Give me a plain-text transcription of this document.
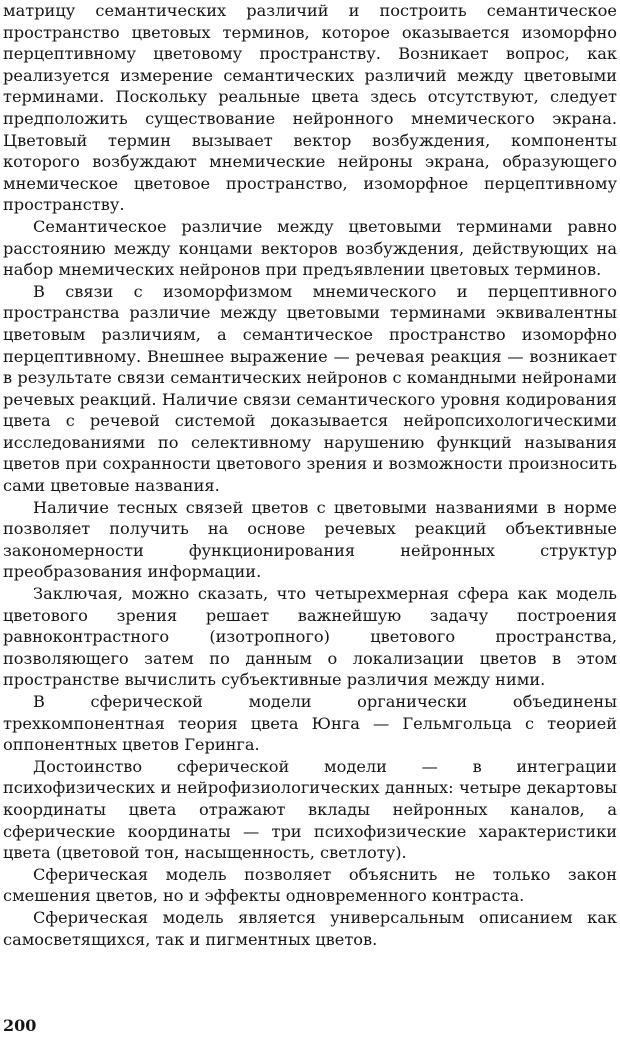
матрицу семантических различий и построить семантическое пространство цветовых терминов, которое оказывается изоморфно перцептивному цветовому пространству. Возникает вопрос, как реализуется измерение семантических различий между цветовыми терминами. Поскольку реальные цвета здесь отсутствуют, следует предположить существование нейронного мнемического экрана. Цветовый термин вызывает вектор возбуждения, компоненты которого возбуждают мнемические нейроны экрана, образующего мнемическое цветовое пространство, изоморфное перцептивному пространству.

Семантическое различие между цветовыми терминами равно расстоянию между концами векторов возбуждения, действующих на набор мнемических нейронов при предъявлении цветовых терминов.

В связи с изоморфизмом мнемического и перцептивного пространства различие между цветовыми терминами эквивалентны цветовым различиям, а семантическое пространство изоморфно перцептивному. Внешнее выражение — речевая реакция — возникает в результате связи семантических нейронов с командными нейронами речевых реакций. Наличие связи семантического уровня кодирования цвета с речевой системой доказывается нейропсихологическими исследованиями по селективному нарушению функций называния цветов при сохранности цветового зрения и возможности произносить сами цветовые названия.

Наличие тесных связей цветов с цветовыми названиями в норме позволяет получить на основе речевых реакций объективные закономерности функционирования нейронных структур преобразования информации.

Заключая, можно сказать, что четырехмерная сфера как модель цветового зрения решает важнейшую задачу построения равноконтрастного (изотропного) цветового пространства, позволяющего затем по данным о локализации цветов в этом пространстве вычислить субъективные различия между ними.

В сферической модели органически объединены трехкомпонентная теория цвета Юнга — Гельмгольца с теорией оппонентных цветов Геринга.

Достоинство сферической модели — в интеграции психофизических и нейрофизиологических данных: четыре декартовы координаты цвета отражают вклады нейронных каналов, а сферические координаты — три психофизические характеристики цвета (цветовой тон, насыщенность, светлоту).

Сферическая модель позволяет объяснить не только закон смешения цветов, но и эффекты одновременного контраста.

Сферическая модель является универсальным описанием как самосветящихся, так и пигментных цветов.

200
